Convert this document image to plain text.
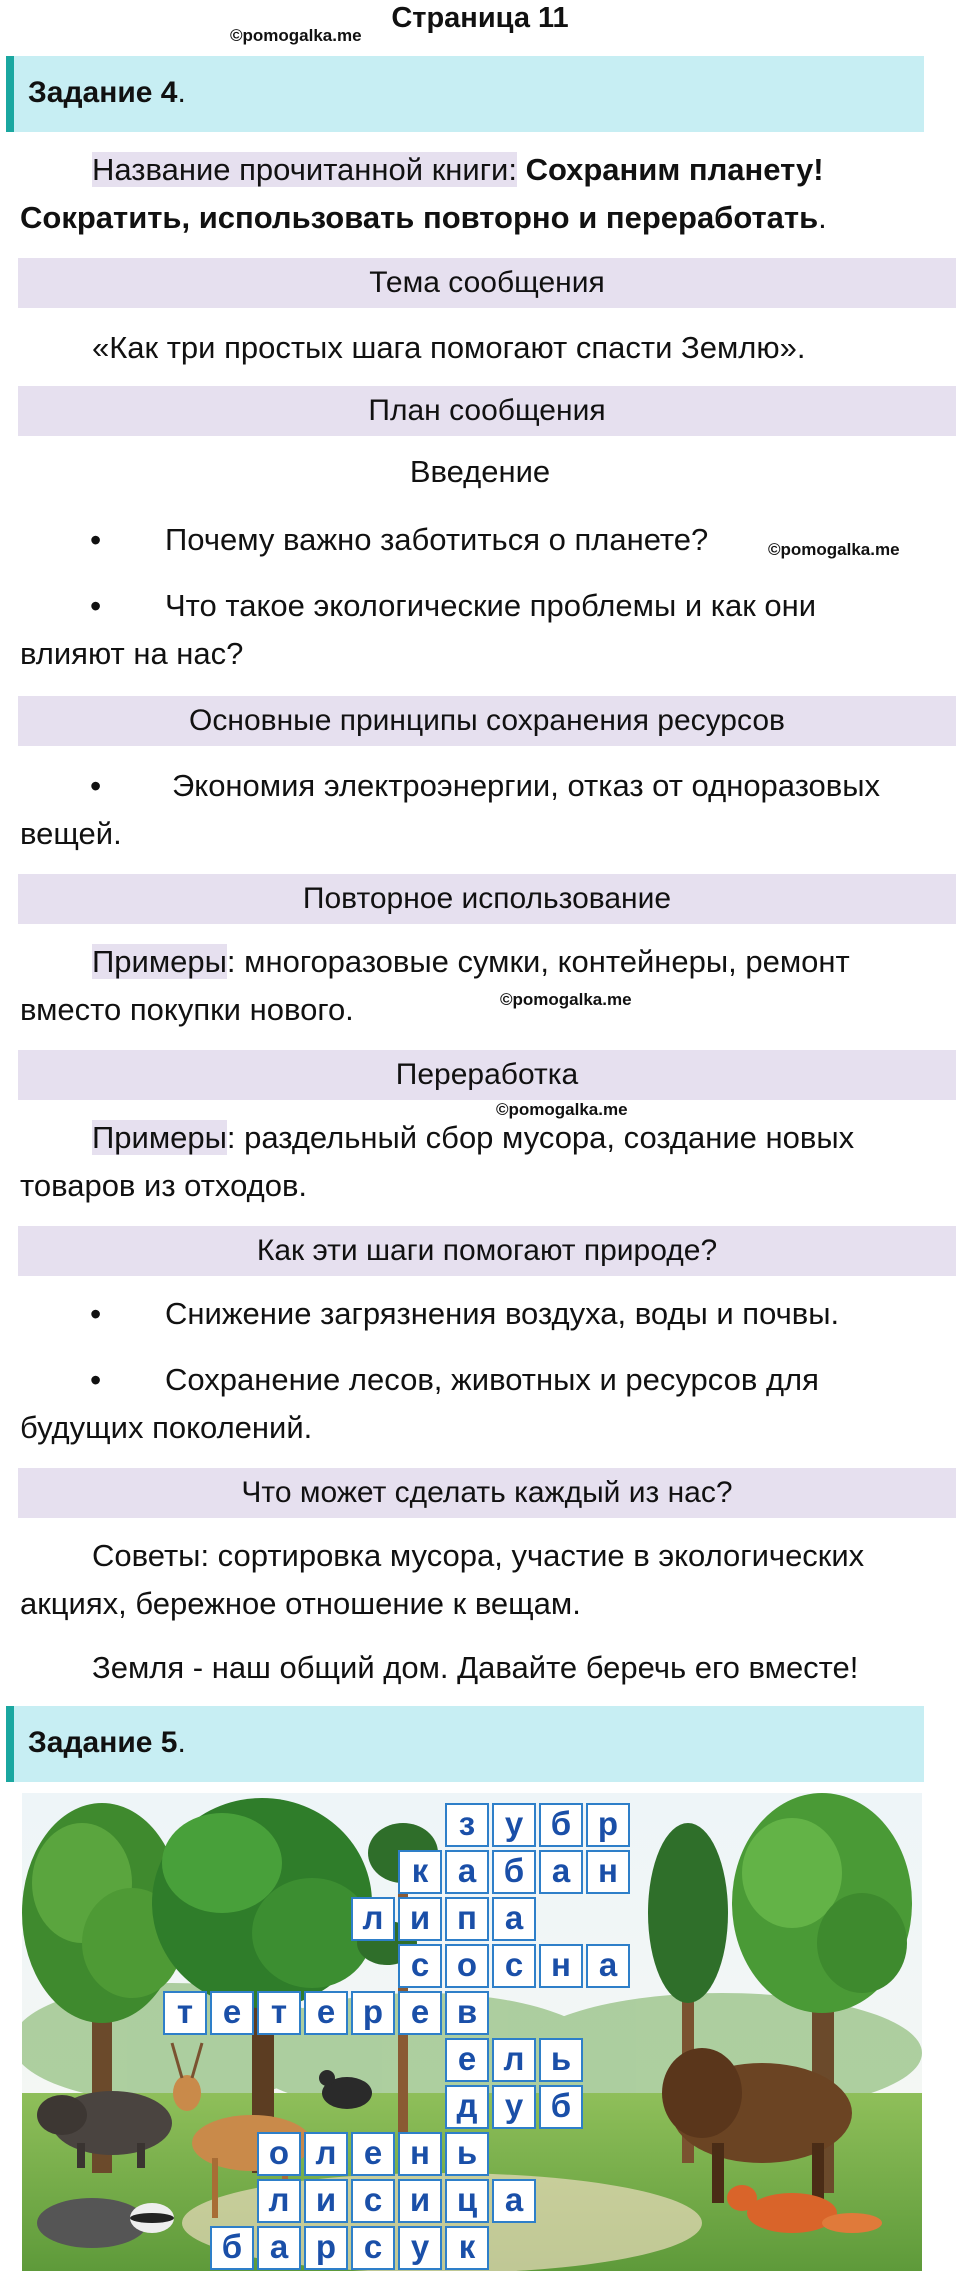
Страница 11
©pomogalka.me
Задание 4.
Название прочитанной книги: Сохраним планету! Сократить, использовать повторно и переработать.
Тема сообщения
«Как три простых шага помогают спасти Землю».
План сообщения
Введение
©pomogalka.me
•	Почему важно заботиться о планете?
•	Что такое экологические проблемы и как они
влияют на нас?
Основные принципы сохранения ресурсов
•	Экономия электроэнергии, отказ от одноразовых
вещей.
Повторное использование
Примеры: многоразовые сумки, контейнеры, ремонт
вместо покупки нового.	©pomogalka.me
Переработка
©pomogalka.me
Примеры: раздельный сбор мусора, создание новых
товаров из отходов.
Как эти шаги помогают природе?
•	Снижение загрязнения воздуха, воды и почвы.
•	Сохранение лесов, животных и ресурсов для
будущих поколений.
Что может сделать каждый из нас?
Советы: сортировка мусора, участие в экологических
акциях, бережное отношение к вещам.
Земля - наш общий дом. Давайте беречь его вместе!
Задание 5.
з у б р
к а б а н
л и п а
с о с н а
т е т е р е в
е л ь
д у б
о л е н ь
л и с и ц а
б а р с у к
